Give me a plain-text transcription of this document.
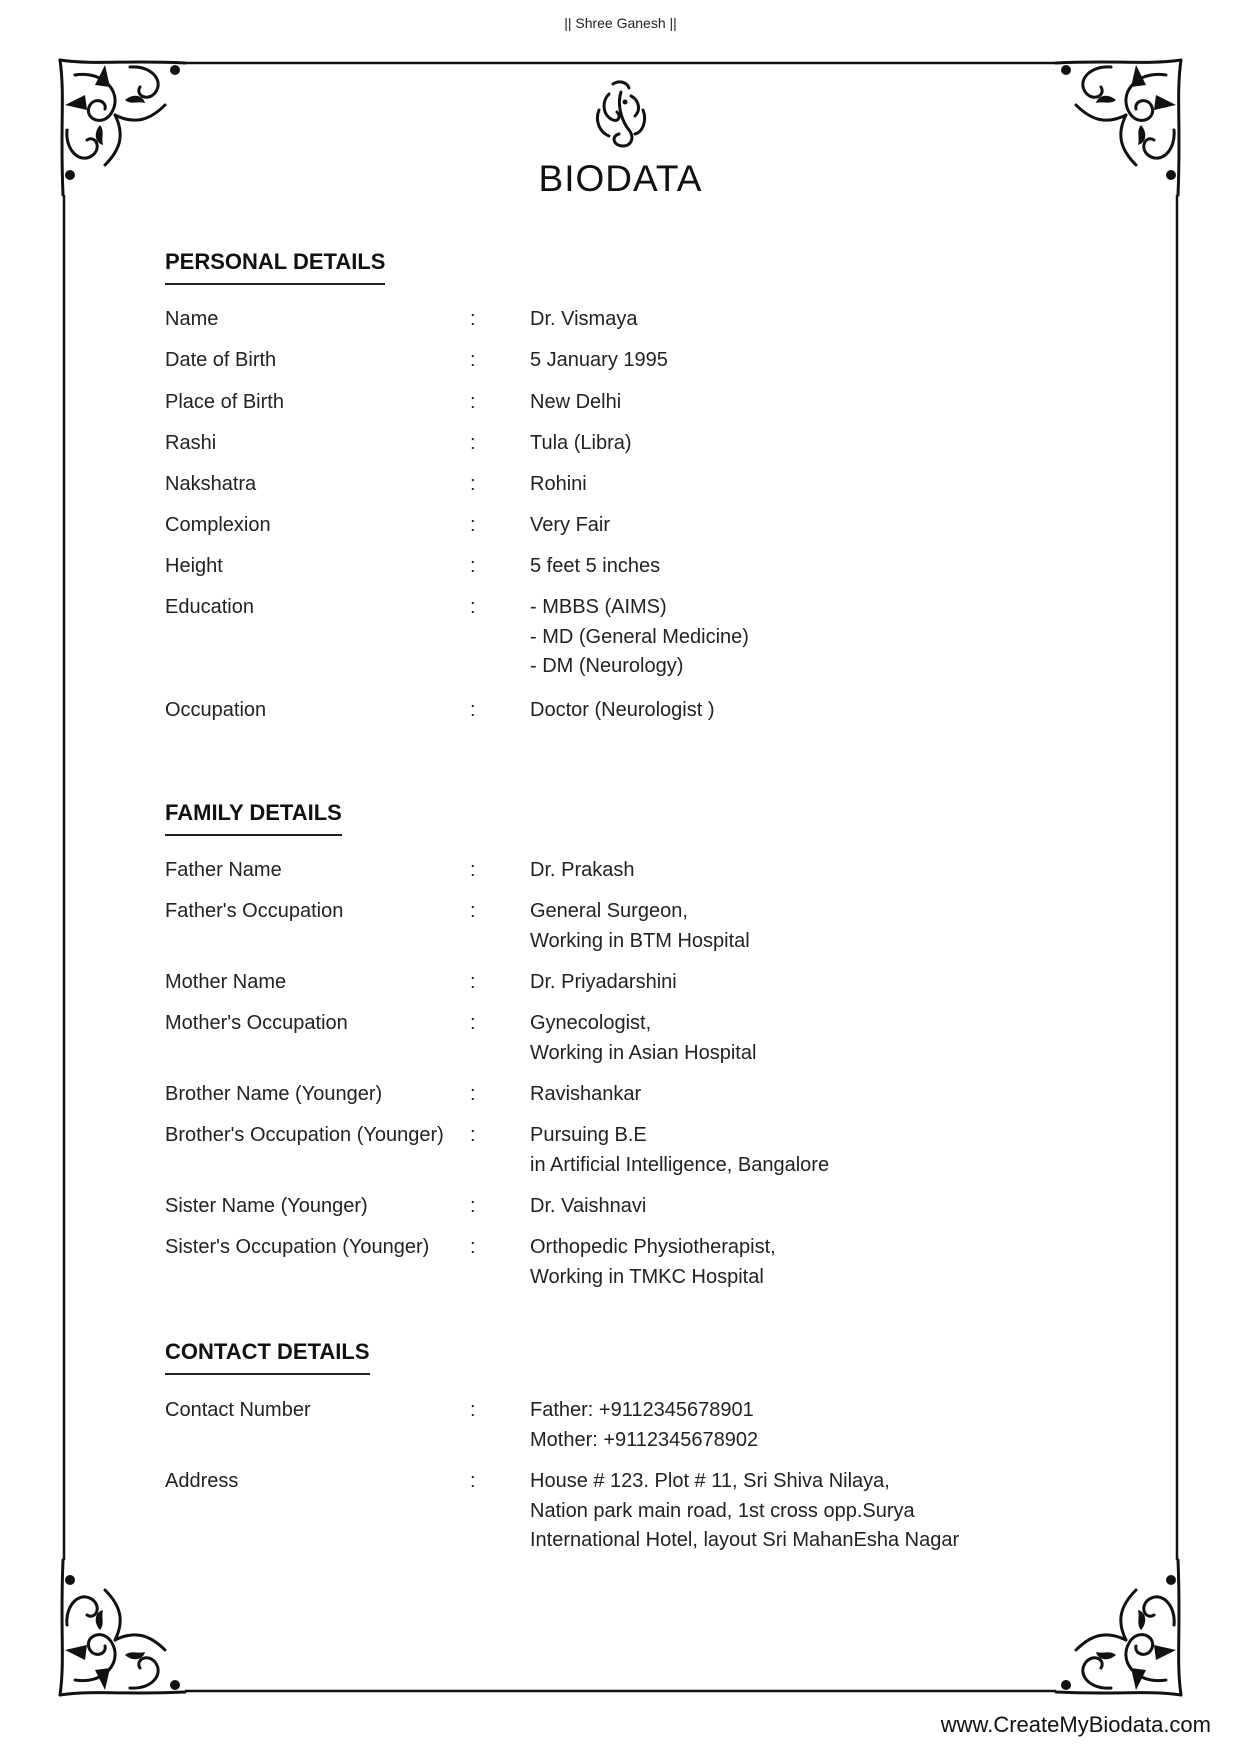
|| Shree Ganesh ||
BIODATA
PERSONAL DETAILS
Name	:	Dr. Vismaya
Date of Birth	:	5 January 1995
Place of Birth	:	New Delhi
Rashi	:	Tula (Libra)
Nakshatra	:	Rohini
Complexion	:	Very Fair
Height	:	5 feet 5 inches
Education	:	- MBBS (AIMS)
- MD (General Medicine)
- DM (Neurology)
Occupation	:	Doctor (Neurologist )
FAMILY DETAILS
Father Name	:	Dr. Prakash
Father's Occupation	:	General Surgeon,
Working in BTM Hospital
Mother Name	:	Dr. Priyadarshini
Mother's Occupation	:	Gynecologist,
Working in Asian Hospital
Brother Name (Younger)	:	Ravishankar
Brother's Occupation (Younger) :	Pursuing B.E
in Artificial Intelligence, Bangalore
Sister Name (Younger)	:	Dr. Vaishnavi
Sister's Occupation (Younger) :	Orthopedic Physiotherapist,
Working in TMKC Hospital
CONTACT DETAILS
Contact Number	:	Father: +9112345678901
Mother: +9112345678902
Address	:	House # 123. Plot # 11, Sri Shiva Nilaya,
Nation park main road, 1st cross opp.Surya
International Hotel, layout Sri MahanEsha Nagar
www.CreateMyBiodata.com
